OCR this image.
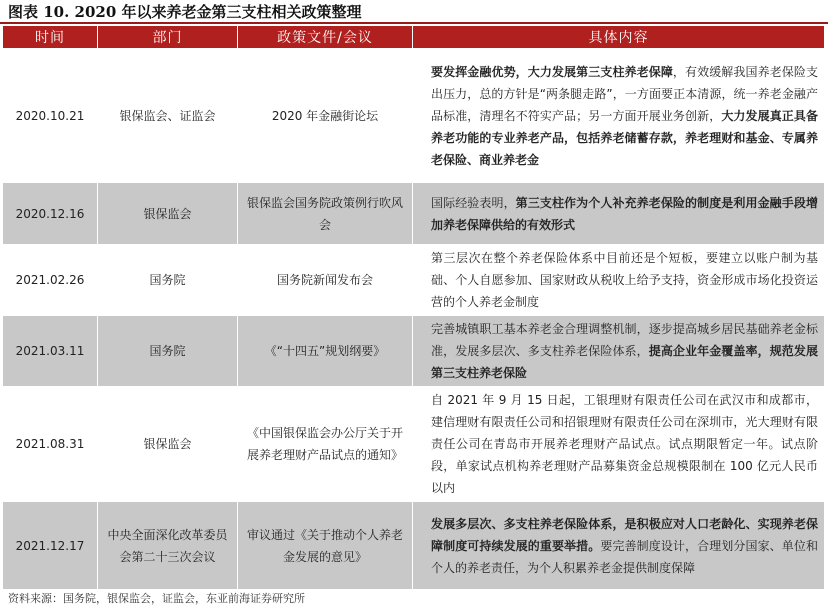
图表 10. 2020 年以来养老金第三支柱相关政策整理
时间	部门	政策文件/会议	具体内容
2020.10.21	银保监会、证监会	2020 年金融街论坛	要发挥金融优势，大力发展第三支柱养老保障，有效缓解我国养老保险支出压力，总的方针是“两条腿走路”，一方面要正本清源，统一养老金融产品标准，清理名不符实产品；另一方面开展业务创新，大力发展真正具备养老功能的专业养老产品，包括养老储蓄存款，养老理财和基金、专属养老保险、商业养老金
2020.12.16	银保监会	银保监会国务院政策例行吹风会	国际经验表明，第三支柱作为个人补充养老保险的制度是利用金融手段增加养老保障供给的有效形式
2021.02.26	国务院	国务院新闻发布会	第三层次在整个养老保险体系中目前还是个短板，要建立以账户制为基础、个人自愿参加、国家财政从税收上给予支持，资金形成市场化投资运营的个人养老金制度
2021.03.11	国务院	《“十四五”规划纲要》	完善城镇职工基本养老金合理调整机制，逐步提高城乡居民基础养老金标准，发展多层次、多支柱养老保险体系，提高企业年金覆盖率，规范发展第三支柱养老保险
2021.08.31	银保监会	《中国银保监会办公厅关于开展养老理财产品试点的通知》	自 2021 年 9 月 15 日起，工银理财有限责任公司在武汉市和成都市，建信理财有限责任公司和招银理财有限责任公司在深圳市，光大理财有限责任公司在青岛市开展养老理财产品试点。试点期限暂定一年。试点阶段，单家试点机构养老理财产品募集资金总规模限制在 100 亿元人民币以内
2021.12.17	中央全面深化改革委员会第二十三次会议	审议通过《关于推动个人养老金发展的意见》	发展多层次、多支柱养老保险体系，是积极应对人口老龄化、实现养老保障制度可持续发展的重要举措。要完善制度设计，合理划分国家、单位和个人的养老责任，为个人积累养老金提供制度保障
资料来源：国务院，银保监会，证监会，东亚前海证券研究所
